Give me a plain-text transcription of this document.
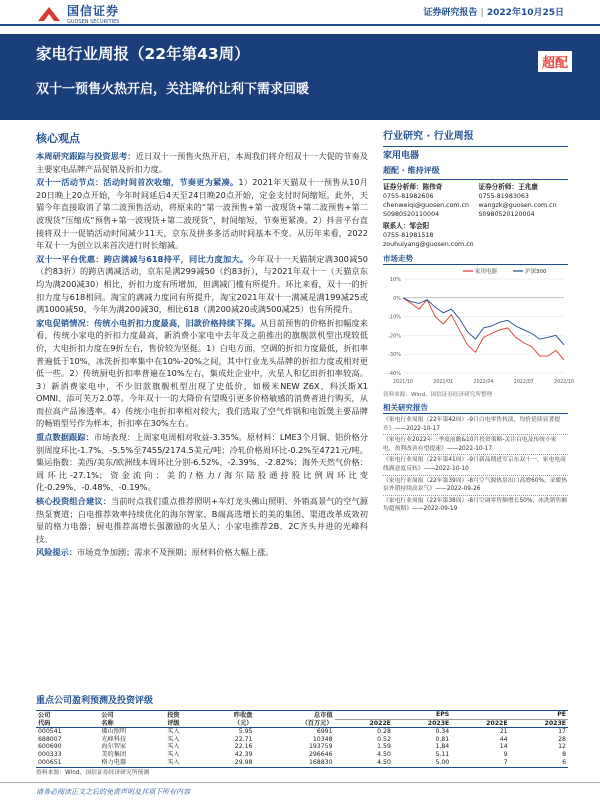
国信证券
GUOSEN SECURITIES
证券研究报告 | 2022年10月25日
家电行业周报（22年第43周）
双十一预售火热开启，关注降价让利下需求回暖
超配
核心观点

本周研究跟踪与投资思考：近日双十一预售火热开启，本周我们将介绍双十一大促的节奏及主要家电品牌产品促销及折扣力度。

双十一活动节点：活动时间首次收缩，节奏更为紧凑。1）2021年天猫双十一预售从10月20日晚上20点开始，今年时间延后4天至24日晚20点开始，定金支付时间缩短。此外，天猫今年直接取消了第二波预售活动，将原来的“第一波预售+第一波现货+第二波预售+第二波现货”压缩成“预售+第一波现货+第二波现货”，时间缩短，节奏更紧凑。2）抖音平台直接将双十一促销活动时间减少11天，京东及拼多多活动时间基本不变。从历年来看，2022年双十一为创立以来首次进行时长缩减。

双十一平台优惠：跨店满减与618持平，同比力度加大。今年双十一天猫制定满300减50（约83折）的跨店满减活动，京东是满299减50（约83折），与2021年双十一（天猫京东均为满200减30）相比，折扣力度有所增加，但满减门槛有所提升。环比来看，双十一的折扣力度与618相同。淘宝的满减力度同有所提升，淘宝2021年双十一满减是满199减25或满1000减50，今年为满200减30，相比618（满200减20或满500减25）也有所提升。

家电促销情况：传统小电折扣力度最高，旧款价格持续下探。从目前预售的价格折扣幅度来看，传统小家电的折扣力度最高，新消费小家电中去年及之前推出的旗舰款机型出现较低价，大电折扣力度在9折左右，售价较为坚挺。1）白电方面，空调的折扣力度最低，折扣率普遍低于10%，冰洗折扣率集中在10%-20%之间，其中行业龙头品牌的折扣力度或相对更低一些。2）传统厨电折扣率普遍在10%左右，集成灶企业中，火星人和亿田折扣率较高。3）新消费家电中，不少旧款旗舰机型出现了史低价，如极米NEW Z6X、科沃斯X1 OMNI、添可芙万2.0等。今年双十一的大降价有望吸引更多价格敏感的消费者进行购买，从而拉高产品渗透率。4）传统小电折扣率相对较大，我们选取了空气炸锅和电饭煲主要品牌的畅销型号作为样本，折扣率在30%左右。

重点数据跟踪：市场表现：上周家电周相对收益-3.35%。原材料：LME3个月铜、铝价格分别周度环比-1.7%、-5.5%至7455/2174.5美元/吨；冷轧价格周环比-0.2%至4721元/吨。集运指数：美西/美东/欧洲线本周环比分别-6.52%、-2.39%、-2.82%；海外天然气价格：周环比-27.1%；资金流向：美的/格力/海尔陆股通持股比例周环比变化-0.29%、-0.48%、-0.19%。

核心投资组合建议：当前时点我们重点推荐照明+车灯龙头佛山照明、外销高景气的空气源热泵赛道；白电推荐效率持续优化的海尔智家、B端高选增长的美的集团、渠道改革成效初显的格力电器；厨电推荐高增长强激励的火星人；小家电推荐2B、2C齐头并进的光峰科技。

风险提示：市场竞争加剧；需求不及预期；原材料价格大幅上涨。

行业研究 · 行业周报
家用电器
超配 · 维持评级
证券分析师：陈伟奇
0755-81982606
chenweiqi@guosen.com.cn
S0980520110004
证券分析师：王兆康
0755-81983063
wangzk@guosen.com.cn
S0980520120004
联系人：邹会阳
0755-81981518
zouhuiyang@guosen.com.cn
市场走势
-40%
-30%
-20%
-10%
0%
10%
2021/10	2022/01	2022/04	2022/07	2022/10
家用电器	沪深300
资料来源：Wind、国信证券经济研究所整理
相关研究报告
《家电行业周报（22年第42周）-9月白电零售转淡，均价延续显著提升》——2022-10-17
《家电行业2022年三季度前瞻&10月投资策略-关注白电及传统小家电，盈利改善有望提速》——2022-10-17
《家电行业周报（22年第41周）-9月新品期进军京东双十一，家电电商线满意度反转》——2022-10-10
《家电行业周报（22年第39周）-8月空气源热泵出口高增60%，采暖热泵外销持续高景气》——2022-09-26
《家电行业周报（22年第38周）-8月空调零售额增长50%，冰洗销售额均超预期》——2022-09-19
重点公司盈利预测及投资评级
公司	公司	投资	昨收盘	总市值	EPS		PE	
代码	名称	评级	（元）	（百万元）	2022E	2023E	2022E	2023E
000541	佛山照明	买入	5.95	6991	0.28	0.34	21	17
688007	光峰科技	买入	22.71	10348	0.52	0.81	44	28
600690	海尔智家	买入	22.16	193759	1.59	1.84	14	12
000333	美的集团	买入	42.39	296646	4.50	5.11	9	8
000651	格力电器	买入	29.98	168830	4.50	5.00	7	6
资料来源：Wind、国信证券经济研究所预测
请务必阅读正文之后的免责声明及其项下所有内容
